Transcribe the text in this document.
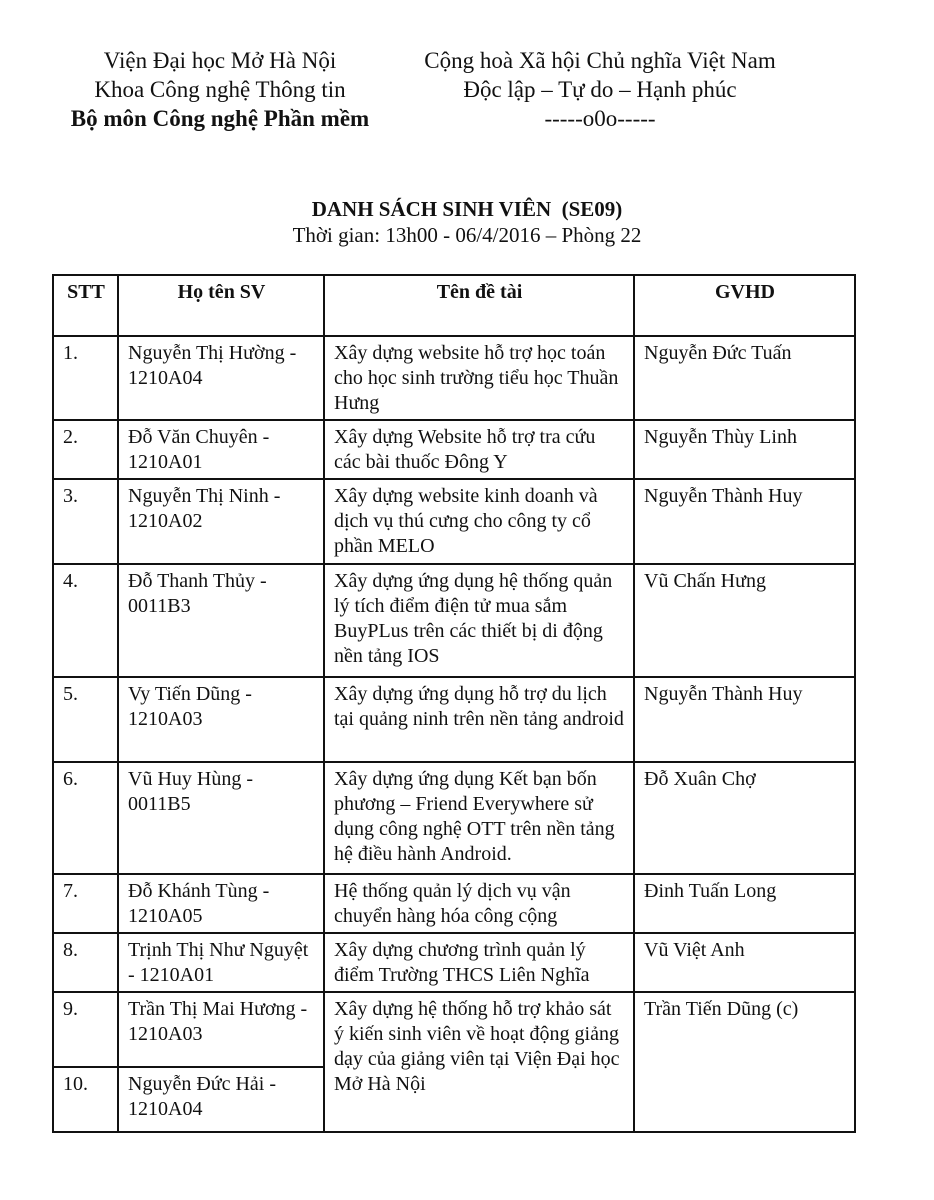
Viện Đại học Mở Hà Nội
Khoa Công nghệ Thông tin
Bộ môn Công nghệ Phần mềm
Cộng hoà Xã hội Chủ nghĩa Việt Nam
Độc lập – Tự do – Hạnh phúc
-----o0o-----
DANH SÁCH SINH VIÊN  (SE09)
Thời gian: 13h00 - 06/4/2016 – Phòng 22
STT	Họ tên SV	Tên đề tài	GVHD
1.	Nguyễn Thị Hường - 1210A04	Xây dựng website hỗ trợ học toán cho học sinh trường tiểu học Thuần Hưng	Nguyễn Đức Tuấn
2.	Đỗ Văn Chuyên - 1210A01	Xây dựng Website hỗ trợ tra cứu các bài thuốc Đông Y	Nguyễn Thùy Linh
3.	Nguyễn Thị Ninh - 1210A02	Xây dựng website kinh doanh và dịch vụ thú cưng cho công ty cổ phần MELO	Nguyễn Thành Huy
4.	Đỗ Thanh Thủy - 0011B3	Xây dựng ứng dụng hệ thống quản lý tích điểm điện tử mua sắm BuyPLus trên các thiết bị di động nền tảng IOS	Vũ Chấn Hưng
5.	Vy Tiến Dũng - 1210A03	Xây dựng ứng dụng hỗ trợ du lịch tại quảng ninh trên nền tảng android	Nguyễn Thành Huy
6.	Vũ Huy Hùng - 0011B5	Xây dựng ứng dụng Kết bạn bốn phương – Friend Everywhere sử dụng công nghệ OTT trên nền tảng hệ điều hành Android.	Đỗ Xuân Chợ
7.	Đỗ Khánh Tùng - 1210A05	Hệ thống quản lý dịch vụ vận chuyển hàng hóa công cộng	Đinh Tuấn Long
8.	Trịnh Thị Như Nguyệt - 1210A01	Xây dựng chương trình quản lý điểm Trường THCS Liên Nghĩa	Vũ Việt Anh
9.	Trần Thị Mai Hương - 1210A03	Xây dựng hệ thống hỗ trợ khảo sát ý kiến sinh viên về hoạt động giảng dạy của giảng viên tại Viện Đại học Mở Hà Nội	Trần Tiến Dũng (c)
10.	Nguyễn Đức Hải - 1210A04		
